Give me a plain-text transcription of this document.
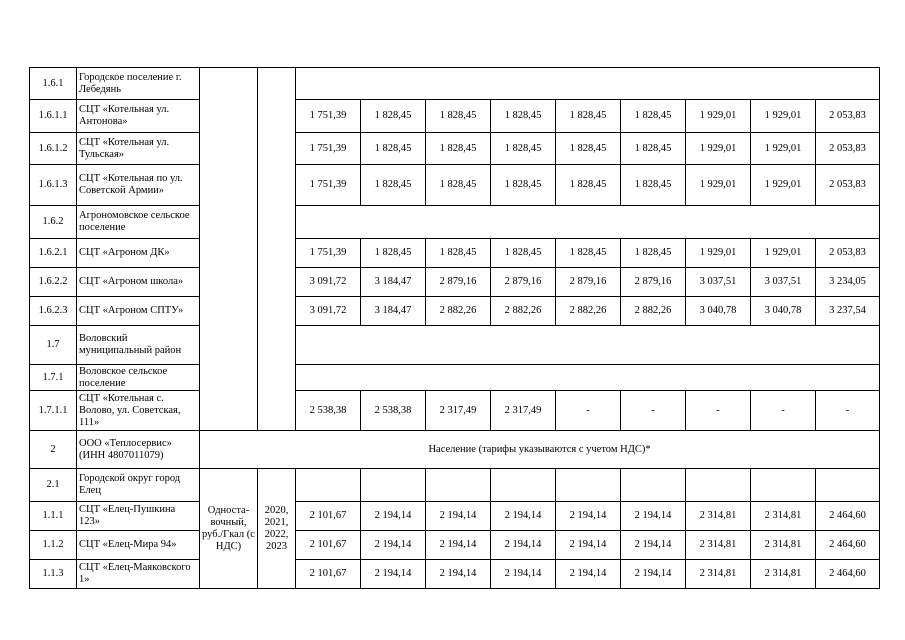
1.6.1	Городское поселение г. Лебедянь											
1.6.1.1	СЦТ «Котельная ул. Антонова»			1 751,39	1 828,45	1 828,45	1 828,45	1 828,45	1 828,45	1 929,01	1 929,01	2 053,83
1.6.1.2	СЦТ «Котельная ул. Тульская»			1 751,39	1 828,45	1 828,45	1 828,45	1 828,45	1 828,45	1 929,01	1 929,01	2 053,83
1.6.1.3	СЦТ «Котельная по ул. Советской Армии»			1 751,39	1 828,45	1 828,45	1 828,45	1 828,45	1 828,45	1 929,01	1 929,01	2 053,83
1.6.2	Агрономовское сельское поселение											
1.6.2.1	СЦТ «Агроном ДК»			1 751,39	1 828,45	1 828,45	1 828,45	1 828,45	1 828,45	1 929,01	1 929,01	2 053,83
1.6.2.2	СЦТ «Агроном школа»			3 091,72	3 184,47	2 879,16	2 879,16	2 879,16	2 879,16	3 037,51	3 037,51	3 234,05
1.6.2.3	СЦТ «Агроном СПТУ»			3 091,72	3 184,47	2 882,26	2 882,26	2 882,26	2 882,26	3 040,78	3 040,78	3 237,54
1.7	Воловский муниципальный район											
1.7.1	Воловское сельское поселение											
1.7.1.1	СЦТ «Котельная с. Волово, ул. Советская, 111»			2 538,38	2 538,38	2 317,49	2 317,49	-	-	-	-	-
2	ООО «Теплосервис» (ИНН 4807011079)	Население (тарифы указываются с учетом НДС)*										
2.1	Городской округ город Елец	Односта-вочный, руб./Гкал (с НДС)	2020, 2021, 2022, 2023									
1.1.1	СЦТ «Елец-Пушкина 123»			2 101,67	2 194,14	2 194,14	2 194,14	2 194,14	2 194,14	2 314,81	2 314,81	2 464,60
1.1.2	СЦТ «Елец-Мира 94»			2 101,67	2 194,14	2 194,14	2 194,14	2 194,14	2 194,14	2 314,81	2 314,81	2 464,60
1.1.3	СЦТ «Елец-Маяковского 1»			2 101,67	2 194,14	2 194,14	2 194,14	2 194,14	2 194,14	2 314,81	2 314,81	2 464,60
